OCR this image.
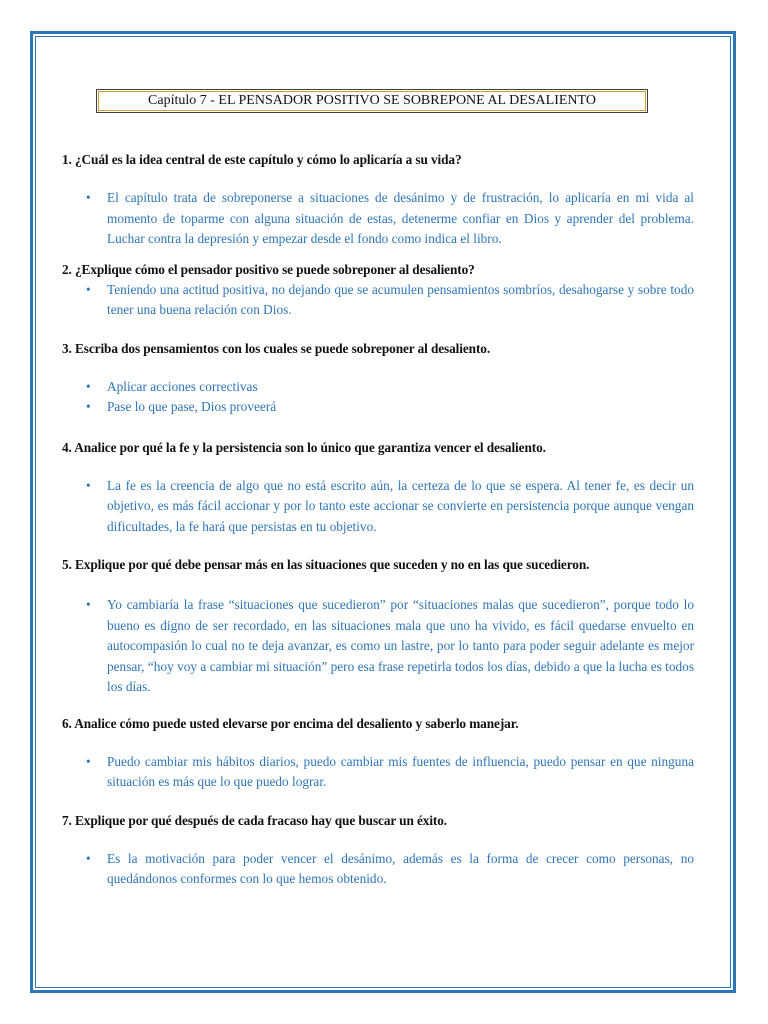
Capítulo 7 - EL PENSADOR POSITIVO SE SOBREPONE AL DESALIENTO

1. ¿Cuál es la idea central de este capítulo y cómo lo aplicaría a su vida?

• El capítulo trata de sobreponerse a situaciones de desánimo y de frustración, lo aplicaría en mi vida al momento de toparme con alguna situación de estas, detenerme confiar en Dios y aprender del problema. Luchar contra la depresión y empezar desde el fondo como indica el libro.

2. ¿Explique cómo el pensador positivo se puede sobreponer al desaliento?

• Teniendo una actitud positiva, no dejando que se acumulen pensamientos sombríos, desahogarse y sobre todo tener una buena relación con Dios.

3. Escriba dos pensamientos con los cuales se puede sobreponer al desaliento.

• Aplicar acciones correctivas
• Pase lo que pase, Dios proveerá

4. Analice por qué la fe y la persistencia son lo único que garantiza vencer el desaliento.

• La fe es la creencia de algo que no está escrito aún, la certeza de lo que se espera. Al tener fe, es decir un objetivo, es más fácil accionar y por lo tanto este accionar se convierte en persistencia porque aunque vengan dificultades, la fe hará que persistas en tu objetivo.

5. Explique por qué debe pensar más en las situaciones que suceden y no en las que sucedieron.

• Yo cambiaría la frase “situaciones que sucedieron” por “situaciones malas que sucedieron”, porque todo lo bueno es digno de ser recordado, en las situaciones mala que uno ha vivido, es fácil quedarse envuelto en autocompasión lo cual no te deja avanzar, es como un lastre, por lo tanto para poder seguir adelante es mejor pensar, “hoy voy a cambiar mi situación” pero esa frase repetirla todos los días, debido a que la lucha es todos los días.

6. Analice cómo puede usted elevarse por encima del desaliento y saberlo manejar.

• Puedo cambiar mis hábitos diarios, puedo cambiar mis fuentes de influencia, puedo pensar en que ninguna situación es más que lo que puedo lograr.

7. Explique por qué después de cada fracaso hay que buscar un éxito.

• Es la motivación para poder vencer el desánimo, además es la forma de crecer como personas, no quedándonos conformes con lo que hemos obtenido.
